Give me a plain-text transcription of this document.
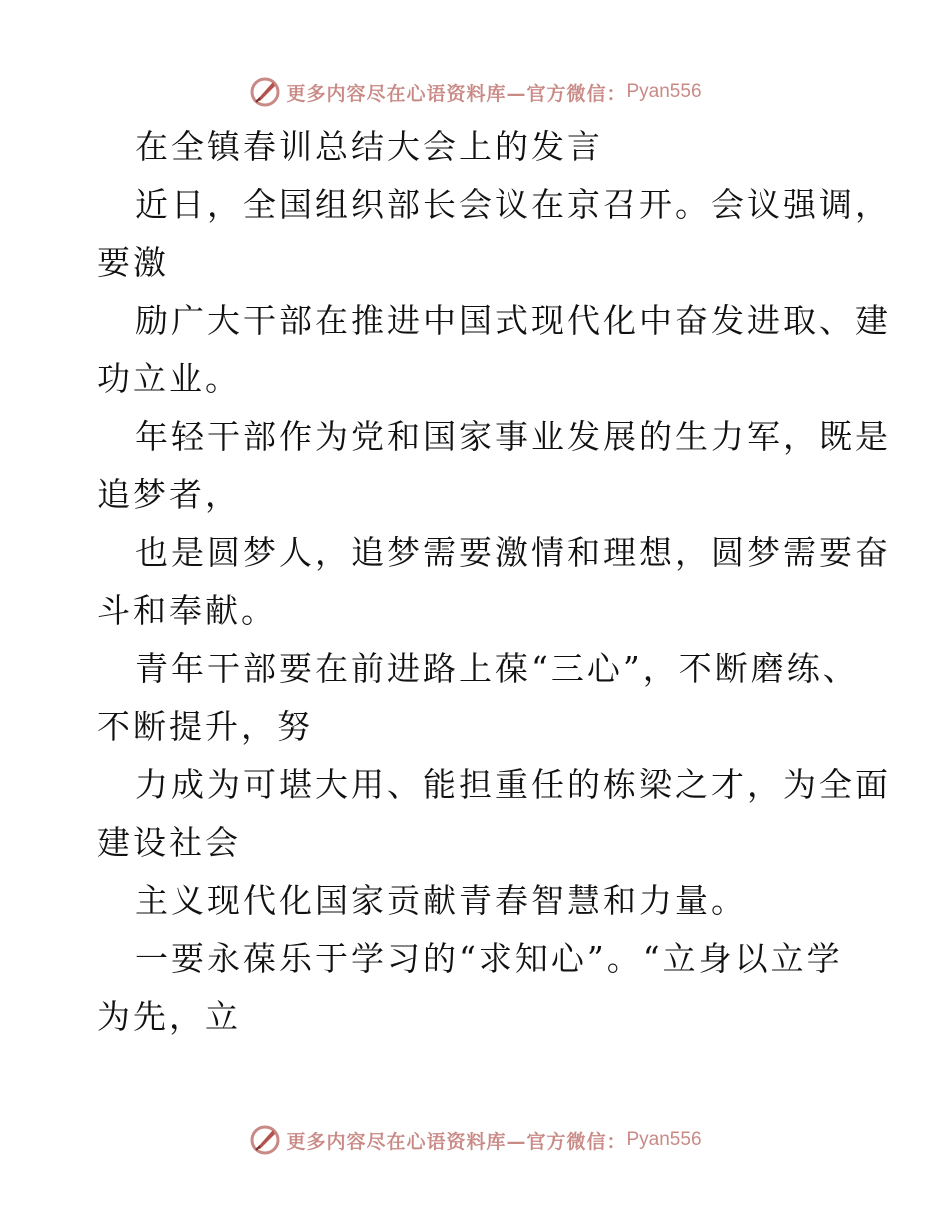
更多内容尽在心语资料库—官方微信： Pyan556
在全镇春训总结大会上的发言
近日，全国组织部长会议在京召开。会议强调，
要激
励广大干部在推进中国式现代化中奋发进取、建
功立业。
年轻干部作为党和国家事业发展的生力军，既是
追梦者，
也是圆梦人，追梦需要激情和理想，圆梦需要奋
斗和奉献。
青年干部要在前进路上葆“三心”，不断磨练、
不断提升，努
力成为可堪大用、能担重任的栋梁之才，为全面
建设社会
主义现代化国家贡献青春智慧和力量。
一要永葆乐于学习的“求知心”。“立身以立学
为先，立
更多内容尽在心语资料库—官方微信： Pyan556
